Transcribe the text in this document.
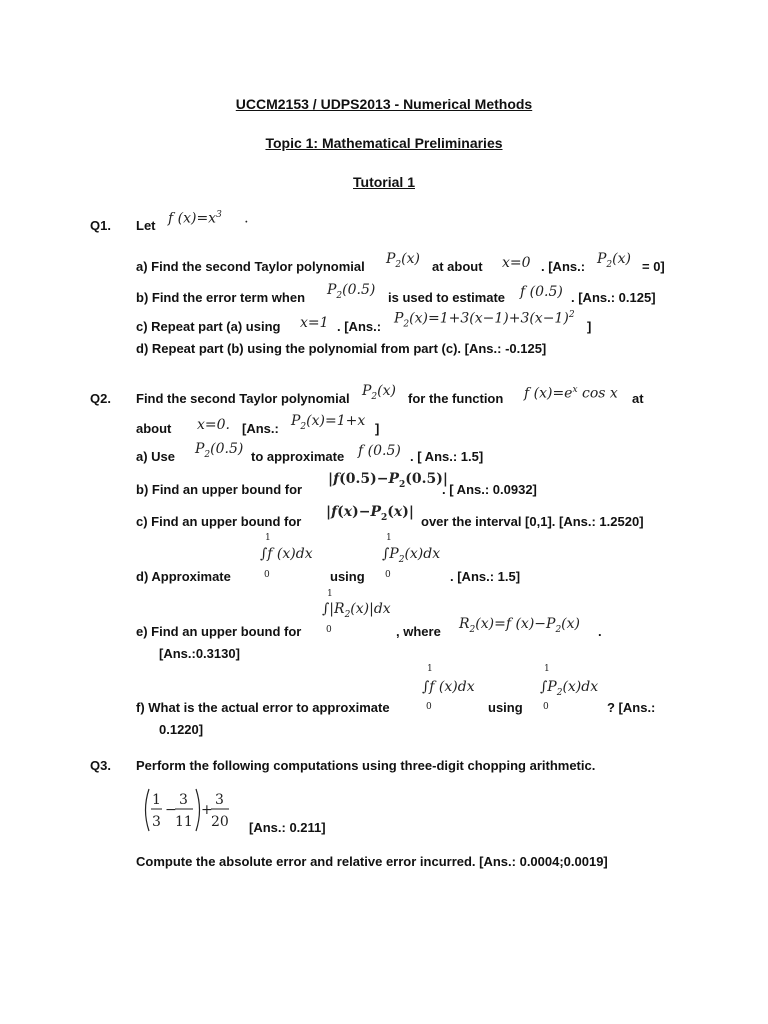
UCCM2153 / UDPS2013 - Numerical Methods
Topic 1: Mathematical Preliminaries
Tutorial 1
Q1. Let f $(x)=x^3$ .
a) Find the second Taylor polynomial $P_2(x)$ at about x=0 . [Ans.: $P_2(x) = 0$]
b) Find the error term when $P_2(0.5)$ is used to estimate f (0.5) . [Ans.: 0.125]
c) Repeat part (a) using x=1 . [Ans.: $P_2(x)=1+3(x-1)+3(x-1)^2$
]
d) Repeat part (b) using the polynomial from part (c). [Ans.: -0.125]
Q2. Find the second Taylor polynomial $P_2(x)$ for the function f $(x)=e^x$ cos x at
about x=0. [Ans.: $P_2(x)=1+x$ ]
a) Use $P_2(0.5)$ to approximate f (0.5) . [ Ans.: 1.5]
b) Find an upper bound for
$|f(0.5)-P_2(0.5)|$
. [ Ans.: 0.0932]
c) Find an upper bound for
$|f(x)-P_2(x)|$
over the interval [0,1]. [Ans.: 1.2520]
1
∫f (x)dx
0
d) Approximate	using
1
$\int P_2(x)dx$
0	. [Ans.: 1.5]
1
$\int|R_2(x)|dx$
0
e) Find an upper bound for	, where $R_2(x)=f$ $(x)-P_2(x)$ .
[Ans.:0.3130]
1
∫f (x)dx
0
f) What is the actual error to approximate	using
1
$\int P_2(x)dx$
0	? [Ans.:
0.1220]
Q3. Perform the following computations using three-digit chopping arithmetic.
1
3
−
3
11
+
3
20 [Ans.: 0.211]
Compute the absolute error and relative error incurred. [Ans.: 0.0004;0.0019]
